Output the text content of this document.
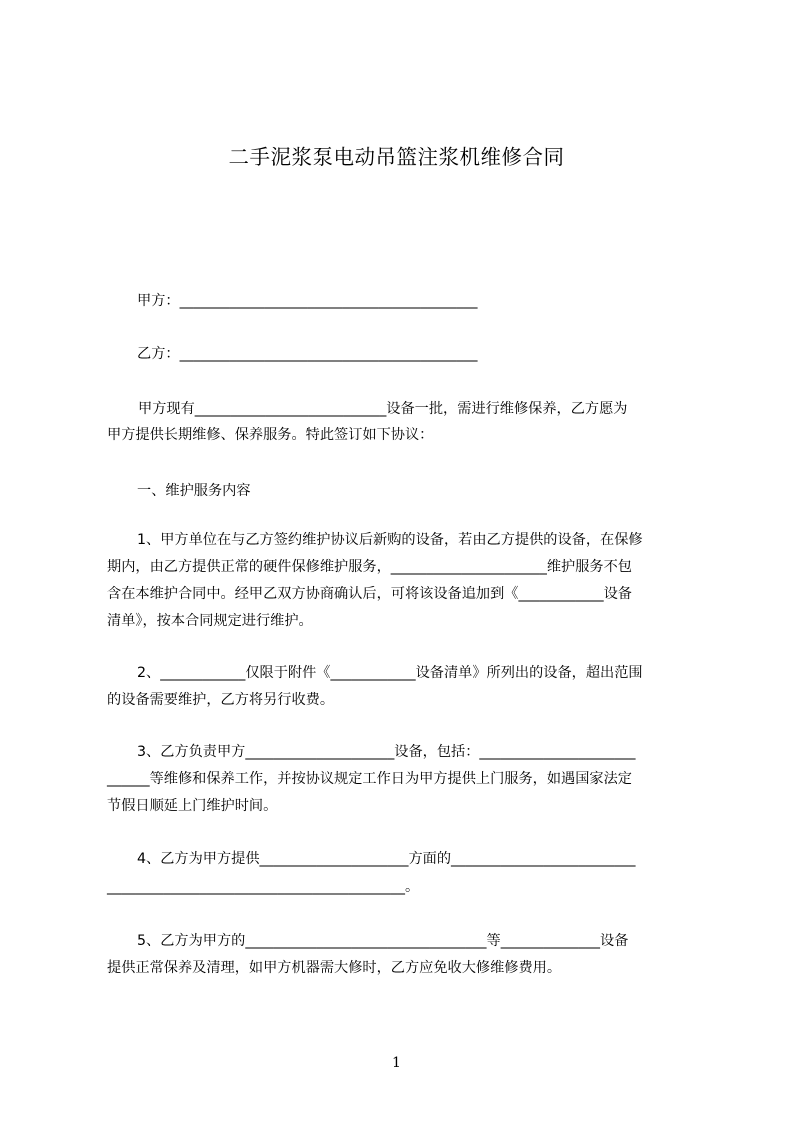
二手泥浆泵电动吊篮注浆机维修合同
甲方：__________________________________________
乙方：__________________________________________
甲方现有___________________________设备一批，需进行维修保养，乙方愿为
甲方提供长期维修、保养服务。特此签订如下协议：
一、维护服务内容
1、甲方单位在与乙方签约维护协议后新购的设备，若由乙方提供的设备，在保修
期内，由乙方提供正常的硬件保修维护服务，______________________维护服务不包
含在本维护合同中。经甲乙双方协商确认后，可将该设备追加到《____________设备
清单》，按本合同规定进行维护。
2、____________仅限于附件《____________设备清单》所列出的设备，超出范围
的设备需要维护，乙方将另行收费。
3、乙方负责甲方_____________________设备，包括：______________________
______等维修和保养工作，并按协议规定工作日为甲方提供上门服务，如遇国家法定
节假日顺延上门维护时间。
4、乙方为甲方提供_____________________方面的__________________________
__________________________________________。
5、乙方为甲方的__________________________________等______________设备
提供正常保养及清理，如甲方机器需大修时，乙方应免收大修维修费用。
1
